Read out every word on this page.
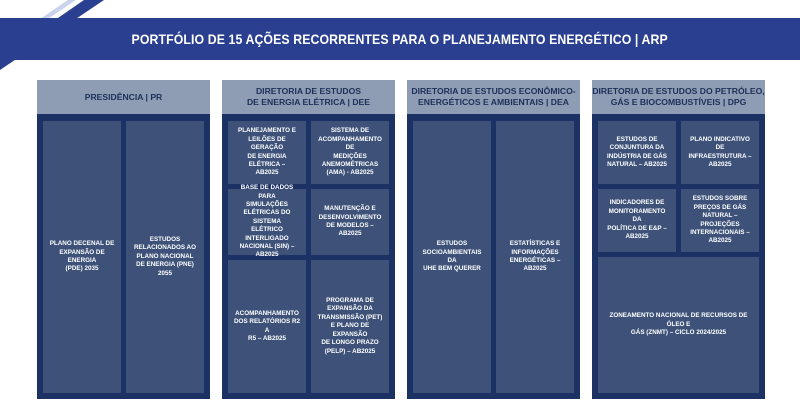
PORTFÓLIO DE 15 AÇÕES RECORRENTES PARA O PLANEJAMENTO ENERGÉTICO | ARP
PRESIDÊNCIA | PR
PLANO DECENAL DE
EXPANSÃO DE ENERGIA
(PDE) 2035
ESTUDOS
RELACIONADOS AO
PLANO NACIONAL
DE ENERGIA (PNE)
2055
DIRETORIA DE ESTUDOS
DE ENERGIA ELÉTRICA | DEE
PLANEJAMENTO E
LEILÕES DE GERAÇÃO
DE ENERGIA ELÉTRICA –
AB2025
SISTEMA DE
ACOMPANHAMENTO DE
MEDIÇÕES
ANEMOMÉTRICAS
(AMA) - AB2025
BASE DE DADOS PARA
SIMULAÇÕES
ELÉTRICAS DO SISTEMA
ELÉTRICO INTERLIGADO
NACIONAL (SIN) –
AB2025
MANUTENÇÃO E
DESENVOLVIMENTO
DE MODELOS –
AB2025
ACOMPANHAMENTO
DOS RELATÓRIOS R2 A
R5 – AB2025
PROGRAMA DE
EXPANSÃO DA
TRANSMISSÃO (PET)
E PLANO DE EXPANSÃO
DE LONGO PRAZO
(PELP) – AB2025
DIRETORIA DE ESTUDOS ECONÔMICO-
ENERGÉTICOS E AMBIENTAIS | DEA
ESTUDOS
SOCIOAMBIENTAIS DA
UHE BEM QUERER
ESTATÍSTICAS E
INFORMAÇÕES
ENERGÉTICAS –
AB2025
DIRETORIA DE ESTUDOS DO PETRÓLEO,
GÁS E BIOCOMBUSTÍVEIS | DPG
ESTUDOS DE
CONJUNTURA DA
INDÚSTRIA DE GÁS
NATURAL – AB2025
PLANO INDICATIVO DE
INFRAESTRUTURA –
AB2025
INDICADORES DE
MONITORAMENTO DA
POLÍTICA DE E&P –
AB2025
ESTUDOS SOBRE
PREÇOS DE GÁS
NATURAL – PROJEÇÕES
INTERNACIONAIS –
AB2025
ZONEAMENTO NACIONAL DE RECURSOS DE ÓLEO E
GÁS (ZNMT) – CICLO 2024/2025
